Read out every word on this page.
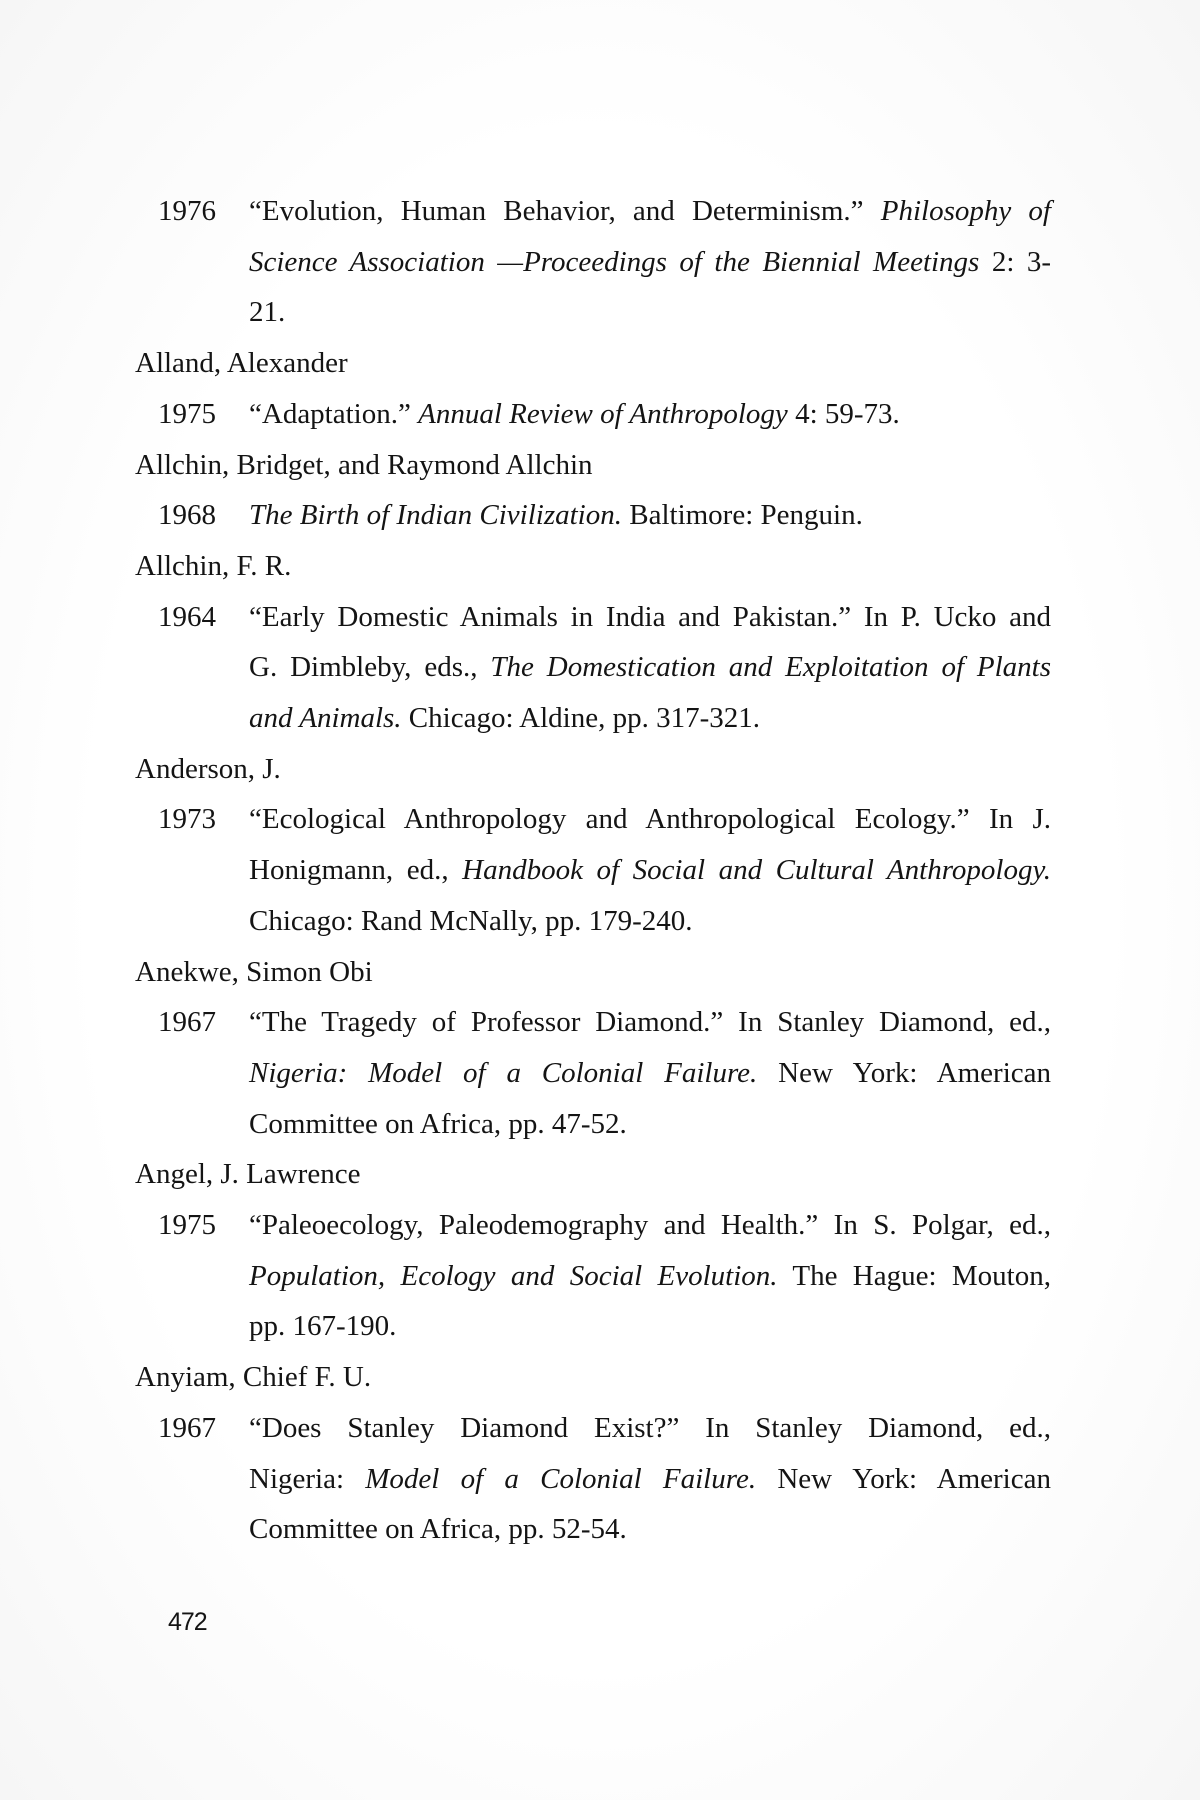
1976	“Evolution, Human Behavior, and Determinism.” Philosophy of
Science Association —Proceedings of the Biennial Meetings 2: 3-
21.
Alland, Alexander
1975	“Adaptation.” Annual Review of Anthropology 4: 59-73.
Allchin, Bridget, and Raymond Allchin
1968	The Birth of Indian Civilization. Baltimore: Penguin.
Allchin, F. R.
1964	“Early Domestic Animals in India and Pakistan.” In P. Ucko and
G. Dimbleby, eds., The Domestication and Exploitation of Plants
and Animals. Chicago: Aldine, pp. 317-321.
Anderson, J.
1973	“Ecological Anthropology and Anthropological Ecology.” In J.
Honigmann, ed., Handbook of Social and Cultural Anthropology.
Chicago: Rand McNally, pp. 179-240.
Anekwe, Simon Obi
1967	“The Tragedy of Professor Diamond.” In Stanley Diamond, ed.,
Nigeria: Model of a Colonial Failure. New York: American
Committee on Africa, pp. 47-52.
Angel, J. Lawrence
1975	“Paleoecology, Paleodemography and Health.” In S. Polgar, ed.,
Population, Ecology and Social Evolution. The Hague: Mouton,
pp. 167-190.
Anyiam, Chief F. U.
1967	“Does Stanley Diamond Exist?” In Stanley Diamond, ed.,
Nigeria: Model of a Colonial Failure. New York: American
Committee on Africa, pp. 52-54.
472
